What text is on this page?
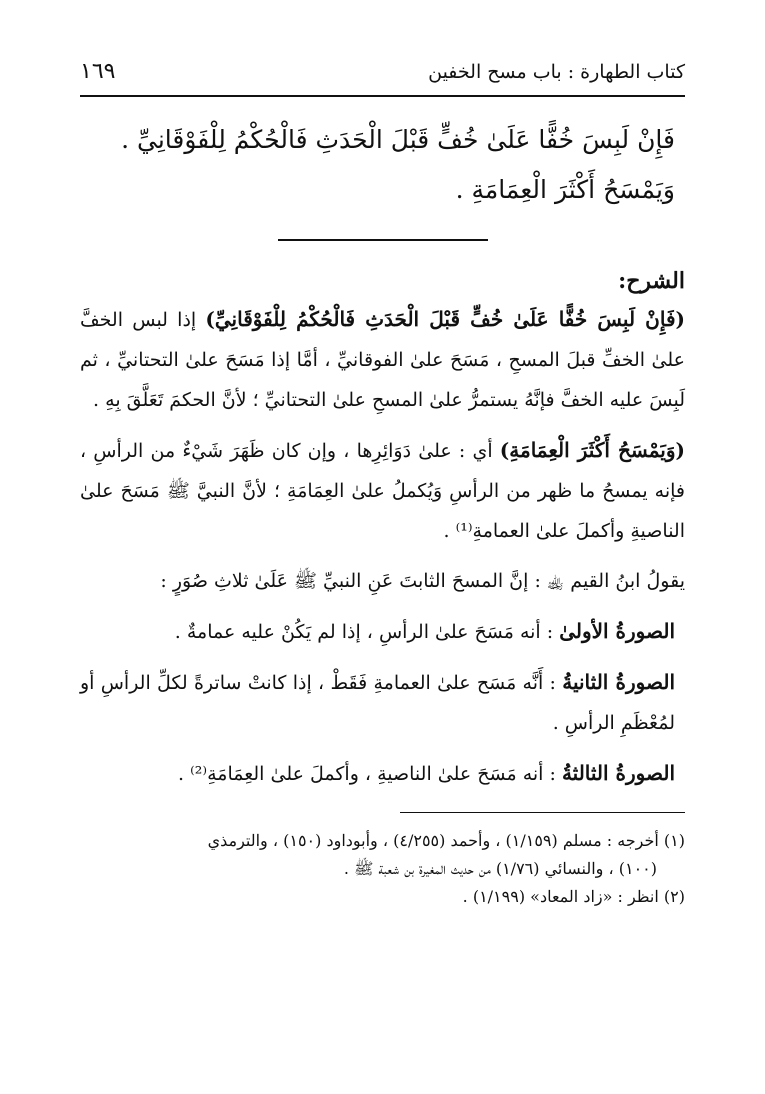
كتاب الطهارة : باب مسح الخفين
١٦٩
فَإِنْ لَبِسَ خُفًّا عَلَىٰ خُفٍّ قَبْلَ الْحَدَثِ فَالْحُكْمُ لِلْفَوْقَانِيِّ .
وَيَمْسَحُ أَكْثَرَ الْعِمَامَةِ .
الشرح:

(فَإِنْ لَبِسَ خُفًّا عَلَىٰ خُفٍّ قَبْلَ الْحَدَثِ فَالْحُكْمُ لِلْفَوْقَانِيِّ) إذا لبس الخفَّ علىٰ الخفِّ قبلَ المسحِ ، مَسَحَ علىٰ الفوقانيِّ ، أمَّا إذا مَسَحَ علىٰ التحتانيِّ ، ثم لَبِسَ عليه الخفَّ فإنَّهُ يستمرُّ علىٰ المسحِ علىٰ التحتانيِّ ؛ لأنَّ الحكمَ تَعَلَّقَ بِهِ .

(وَيَمْسَحُ أَكْثَرَ الْعِمَامَةِ) أي : علىٰ دَوَائِرِها ، وإن كان ظَهَرَ شَيْءٌ من الرأسِ ، فإنه يمسحُ ما ظهر من الرأسِ وَيُكملُ علىٰ العِمَامَةِ ؛ لأنَّ النبيَّ ﷺ مَسَحَ علىٰ الناصيةِ وأكملَ علىٰ العمامةِ⁽¹⁾ .

يقولُ ابنُ القيم ﵀ : إنَّ المسحَ الثابتَ عَنِ النبيِّ ﷺ عَلَىٰ ثلاثِ صُوَرٍ :

الصورةُ الأولىٰ : أنه مَسَحَ علىٰ الرأسِ ، إذا لم يَكُنْ عليه عمامةٌ .

الصورةُ الثانيةُ : أَنَّه مَسَح علىٰ العمامةِ فَقَطْ ، إذا كانتْ ساترةً لكلِّ الرأسِ أو لمُعْظَمِ الرأسِ .

الصورةُ الثالثةُ : أنه مَسَحَ علىٰ الناصيةِ ، وأكملَ علىٰ العِمَامَةِ⁽²⁾ .

(١) أخرجه : مسلم (١/١٥٩) ، وأحمد (٤/٢٥٥) ، وأبوداود (١٥٠) ، والترمذي
(١٠٠) ، والنسائي (١/٧٦) من حديث المغيرة بن شعبة ﷺ .
(٢) انظر : «زاد المعاد» (١/١٩٩) .
